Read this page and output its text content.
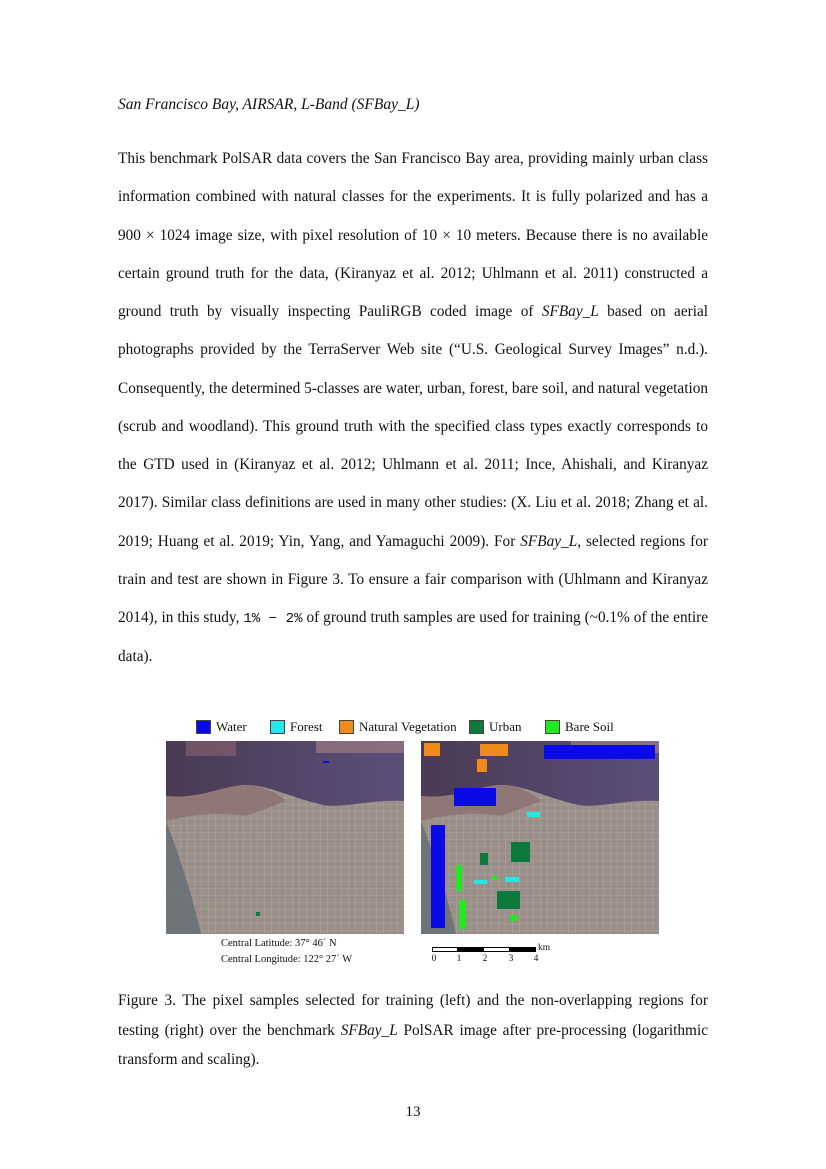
San Francisco Bay, AIRSAR, L-Band (SFBay_L)

This benchmark PolSAR data covers the San Francisco Bay area, providing mainly urban class information combined with natural classes for the experiments. It is fully polarized and has a 900 × 1024 image size, with pixel resolution of 10 × 10 meters. Because there is no available certain ground truth for the data, (Kiranyaz et al. 2012; Uhlmann et al. 2011) constructed a ground truth by visually inspecting PauliRGB coded image of SFBay_L based on aerial photographs provided by the TerraServer Web site (“U.S. Geological Survey Images” n.d.). Consequently, the determined 5-classes are water, urban, forest, bare soil, and natural vegetation (scrub and woodland). This ground truth with the specified class types exactly corresponds to the GTD used in (Kiranyaz et al. 2012; Uhlmann et al. 2011; Ince, Ahishali, and Kiranyaz 2017). Similar class definitions are used in many other studies: (X. Liu et al. 2018; Zhang et al. 2019; Huang et al. 2019; Yin, Yang, and Yamaguchi 2009). For SFBay_L, selected regions for train and test are shown in Figure 3. To ensure a fair comparison with (Uhlmann and Kiranyaz 2014), in this study, 1% − 2% of ground truth samples are used for training (~0.1% of the entire data).

Water	Forest	Natural Vegetation Urban	Bare Soil
Central Latitude: 37° 46´ N
Central Longitude: 122° 27´ W
km
0 1 2 3 4
Figure 3. The pixel samples selected for training (left) and the non-overlapping regions for testing (right) over the benchmark SFBay_L PolSAR image after pre-processing (logarithmic transform and scaling).
13
